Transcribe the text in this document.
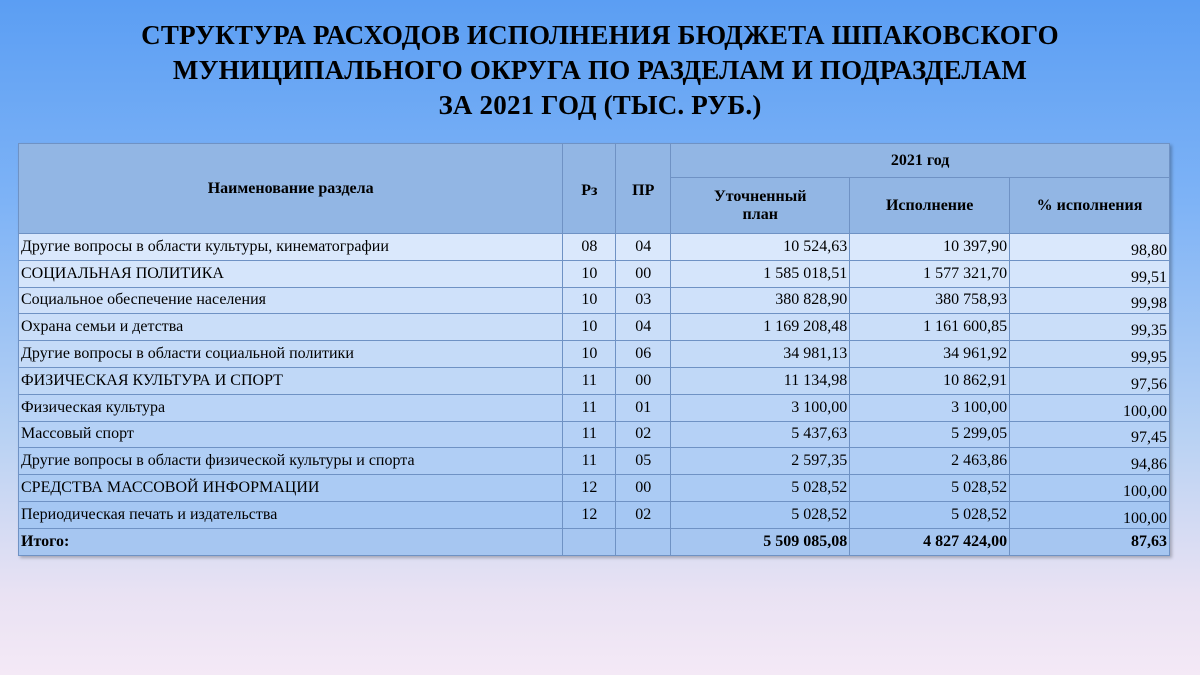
СТРУКТУРА РАСХОДОВ ИСПОЛНЕНИЯ БЮДЖЕТА ШПАКОВСКОГО
МУНИЦИПАЛЬНОГО ОКРУГА ПО РАЗДЕЛАМ И ПОДРАЗДЕЛАМ
ЗА 2021 ГОД (ТЫС. РУБ.)
Наименование раздела	Рз	ПР	2021 год		
			Уточненный план	Исполнение	% исполнения
Другие вопросы в области культуры, кинематографии	08	04	10 524,63	10 397,90	98,80
СОЦИАЛЬНАЯ ПОЛИТИКА	10	00	1 585 018,51	1 577 321,70	99,51
Социальное обеспечение населения	10	03	380 828,90	380 758,93	99,98
Охрана семьи и детства	10	04	1 169 208,48	1 161 600,85	99,35
Другие вопросы в области социальной политики	10	06	34 981,13	34 961,92	99,95
ФИЗИЧЕСКАЯ КУЛЬТУРА И СПОРТ	11	00	11 134,98	10 862,91	97,56
Физическая культура	11	01	3 100,00	3 100,00	100,00
Массовый спорт	11	02	5 437,63	5 299,05	97,45
Другие вопросы в области физической культуры и спорта	11	05	2 597,35	2 463,86	94,86
СРЕДСТВА МАССОВОЙ ИНФОРМАЦИИ	12	00	5 028,52	5 028,52	100,00
Периодическая печать и издательства	12	02	5 028,52	5 028,52	100,00
Итого:			5 509 085,08	4 827 424,00	87,63
